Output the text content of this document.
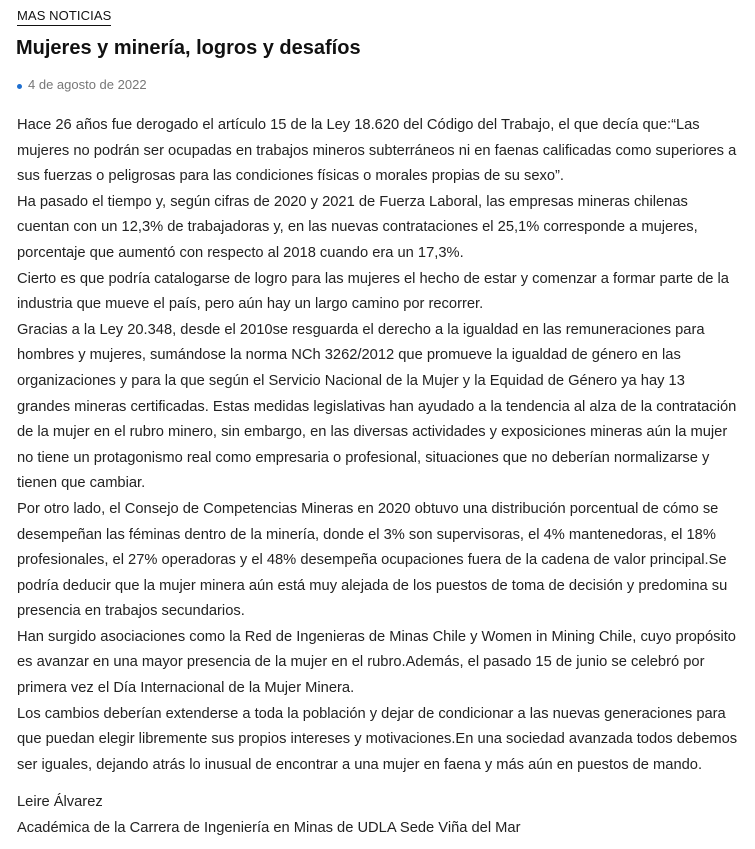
MAS NOTICIAS
Mujeres y minería, logros y desafíos
4 de agosto de 2022

Hace 26 años fue derogado el artículo 15 de la Ley 18.620 del Código del Trabajo, el que decía que:“Las mujeres no podrán ser ocupadas en trabajos mineros subterráneos ni en faenas calificadas como superiores a sus fuerzas o peligrosas para las condiciones físicas o morales propias de su sexo”.

Ha pasado el tiempo y, según cifras de 2020 y 2021 de Fuerza Laboral, las empresas mineras chilenas cuentan con un 12,3% de trabajadoras y, en las nuevas contrataciones el 25,1% corresponde a mujeres, porcentaje que aumentó con respecto al 2018 cuando era un 17,3%.

Cierto es que podría catalogarse de logro para las mujeres el hecho de estar y comenzar a formar parte de la industria que mueve el país, pero aún hay un largo camino por recorrer.

Gracias a la Ley 20.348, desde el 2010se resguarda el derecho a la igualdad en las remuneraciones para hombres y mujeres, sumándose la norma NCh 3262/2012 que promueve la igualdad de género en las organizaciones y para la que según el Servicio Nacional de la Mujer y la Equidad de Género ya hay 13 grandes mineras certificadas. Estas medidas legislativas han ayudado a la tendencia al alza de la contratación de la mujer en el rubro minero, sin embargo, en las diversas actividades y exposiciones mineras aún la mujer no tiene un protagonismo real como empresaria o profesional, situaciones que no deberían normalizarse y tienen que cambiar.

Por otro lado, el Consejo de Competencias Mineras en 2020 obtuvo una distribución porcentual de cómo se desempeñan las féminas dentro de la minería, donde el 3% son supervisoras, el 4% mantenedoras, el 18% profesionales, el 27% operadoras y el 48% desempeña ocupaciones fuera de la cadena de valor principal.Se podría deducir que la mujer minera aún está muy alejada de los puestos de toma de decisión y predomina su presencia en trabajos secundarios.

Han surgido asociaciones como la Red de Ingenieras de Minas Chile y Women in Mining Chile, cuyo propósito es avanzar en una mayor presencia de la mujer en el rubro.Además, el pasado 15 de junio se celebró por primera vez el Día Internacional de la Mujer Minera.

Los cambios deberían extenderse a toda la población y dejar de condicionar a las nuevas generaciones para que puedan elegir libremente sus propios intereses y motivaciones.En una sociedad avanzada todos debemos ser iguales, dejando atrás lo inusual de encontrar a una mujer en faena y más aún en puestos de mando.

Leire Álvarez

Académica de la Carrera de Ingeniería en Minas de UDLA Sede Viña del Mar
